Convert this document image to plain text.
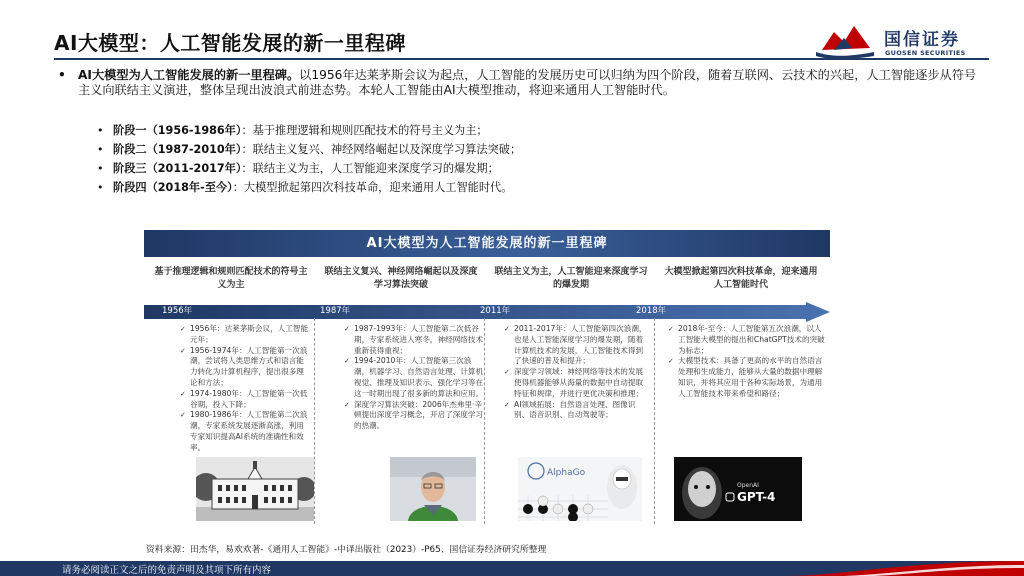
AI大模型：人工智能发展的新一里程碑	国信证券
GUOSEN SECURITIES
•	AI大模型为人工智能发展的新一里程碑。以1956年达莱茅斯会议为起点，人工智能的发展历史可以归纳为四个阶段，随着互联网、云技术的兴起，人工智能逐步从符号主义向联结主义演进，整体呈现出波浪式前进态势。本轮人工智能由AI大模型推动，将迎来通用人工智能时代。
• 阶段一（1956-1986年）：基于推理逻辑和规则匹配技术的符号主义为主；
• 阶段二（1987-2010年）：联结主义复兴、神经网络崛起以及深度学习算法突破；
• 阶段三（2011-2017年）：联结主义为主，人工智能迎来深度学习的爆发期；
• 阶段四（2018年-至今）：大模型掀起第四次科技革命，迎来通用人工智能时代。
AI大模型为人工智能发展的新一里程碑
基于推理逻辑和规则匹配技术的符号主义为主
联结主义复兴、神经网络崛起以及深度学习算法突破
联结主义为主，人工智能迎来深度学习的爆发期
大模型掀起第四次科技革命，迎来通用人工智能时代
1956年	1987年	2011年	2018年
✓ 1956年：达莱茅斯会议，人工智能元年；
✓ 1956-1974年：人工智能第一次浪潮，尝试将人类思维方式和语言能力转化为计算机程序，提出很多理论和方法；
✓ 1974-1980年：人工智能第一次低谷期，投入下降；
✓ 1980-1986年：人工智能第二次浪潮，专家系统发展逐渐高涨，利用专家知识提高AI系统的准确性和效率。
✓ 1987-1993年：人工智能第二次低谷期，专家系统进入寒冬，神经网络技术重新获得重视；
✓ 1994-2010年：人工智能第三次浪潮，机器学习、自然语言处理、计算机视觉、推理及知识表示、强化学习等在这一时期出现了很多新的算法和应用。
✓ 深度学习算法突破：2006年杰弗里·辛顿提出深度学习概念，开启了深度学习的热潮。
✓ 2011-2017年：人工智能第四次浪潮，也是人工智能深度学习的爆发期，随着计算机技术的发展，人工智能技术得到了快速的普及和提升；
✓ 深度学习领域：神经网络等技术的发展使得机器能够从海量的数据中自动提取特征和规律，并进行更优决策和推理；
✓ AI领域拓展：自然语言处理、图像识别、语音识别、自动驾驶等；
✓ 2018年-至今：人工智能第五次浪潮，以人工智能大模型的提出和ChatGPT技术的突破为标志；
✓ 大模型技术：具备了更高的水平的自然语言处理和生成能力，能够从大量的数据中理解知识，并将其应用于各种实际场景，为通用人工智能技术带来希望和路径；
AlphaGo
OpenAI
GPT-4
资料来源：田杰华，易欢欢著-《通用人工智能》-中译出版社（2023）-P65、国信证券经济研究所整理
请务必阅读正文之后的免责声明及其项下所有内容
